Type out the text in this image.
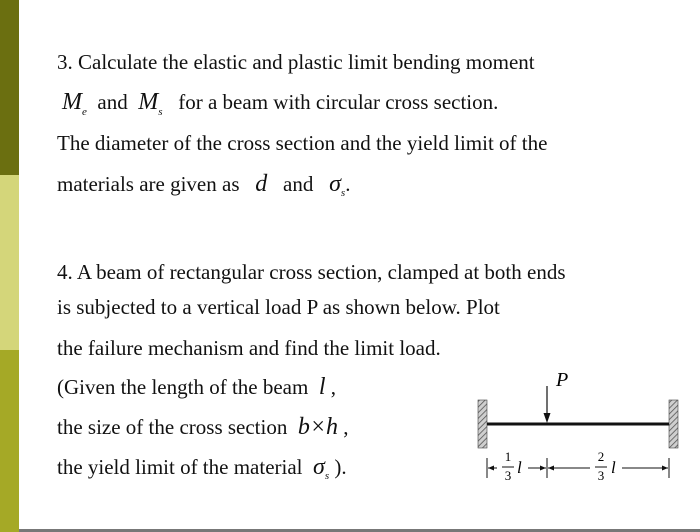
3. Calculate the elastic and plastic limit bending moment
$M_e$ and $M_s$ for a beam with circular cross section.
The diameter of the cross section and the yield limit of the
materials are given as d and $\sigma_s$.
4. A beam of rectangular cross section, clamped at both ends
is subjected to a vertical load P as shown below. Plot
the failure mechanism and find the limit load.
(Given the length of the beam l ,
the size of the cross section b×h ,
the yield limit of the material $\sigma_s$ ).
P
1
3 l
2
3 l
